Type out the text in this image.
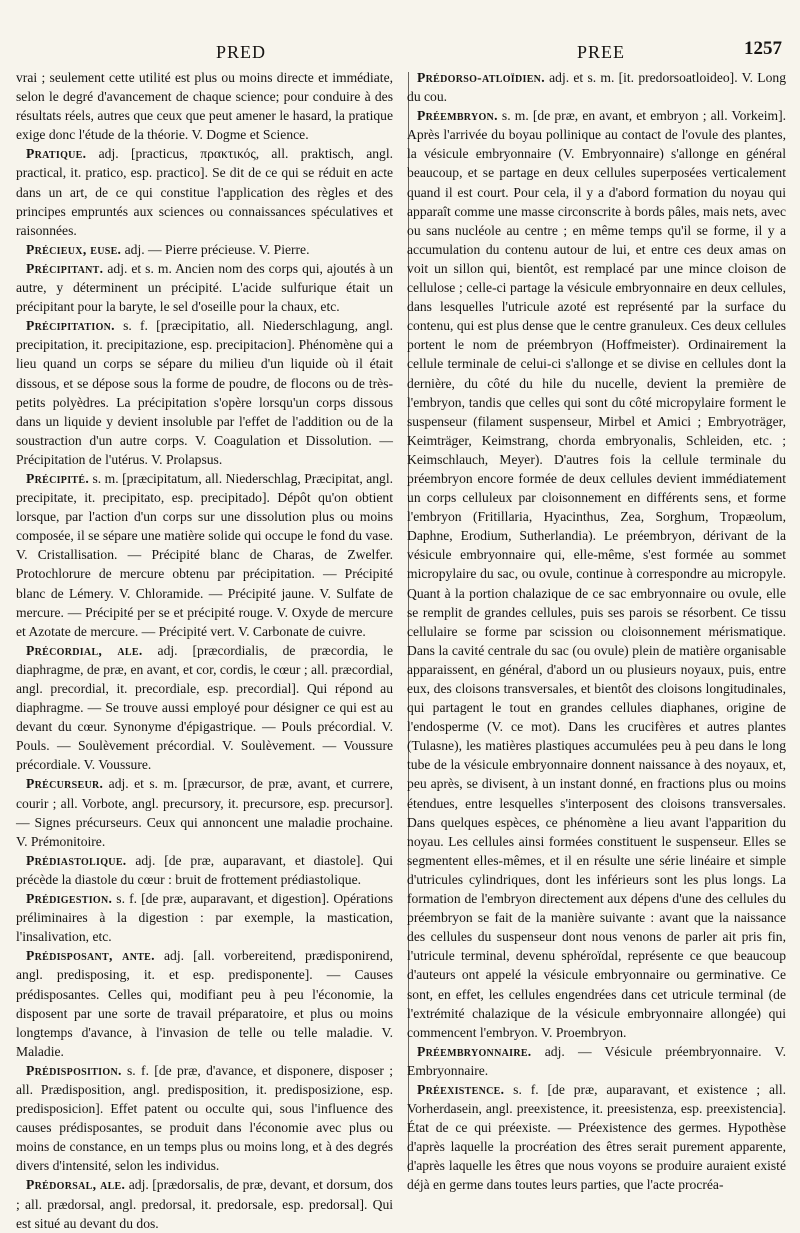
PRED	PREE	1257

vrai ; seulement cette utilité est plus ou moins directe et immédiate, selon le degré d'avancement de chaque science; pour conduire à des résultats réels, autres que ceux que peut amener le hasard, la pratique exige donc l'étude de la théorie. V. Dogme et Science.

Pratique. adj. [practicus, πρακτικός, all. praktisch, angl. practical, it. pratico, esp. practico]. Se dit de ce qui se réduit en acte dans un art, de ce qui constitue l'application des règles et des principes empruntés aux sciences ou connaissances spéculatives et raisonnées.

Précieux, euse. adj. — Pierre précieuse. V. Pierre.

Précipitant. adj. et s. m. Ancien nom des corps qui, ajoutés à un autre, y déterminent un précipité. L'acide sulfurique était un précipitant pour la baryte, le sel d'oseille pour la chaux, etc.

Précipitation. s. f. [præcipitatio, all. Niederschlagung, angl. precipitation, it. precipitazione, esp. precipitacion]. Phénomène qui a lieu quand un corps se sépare du milieu d'un liquide où il était dissous, et se dépose sous la forme de poudre, de flocons ou de très-petits polyèdres. La précipitation s'opère lorsqu'un corps dissous dans un liquide y devient insoluble par l'effet de l'addition ou de la soustraction d'un autre corps. V. Coagulation et Dissolution. — Précipitation de l'utérus. V. Prolapsus.

Précipité. s. m. [præcipitatum, all. Niederschlag, Præcipitat, angl. precipitate, it. precipitato, esp. precipitado]. Dépôt qu'on obtient lorsque, par l'action d'un corps sur une dissolution plus ou moins composée, il se sépare une matière solide qui occupe le fond du vase. V. Cristallisation. — Précipité blanc de Charas, de Zwelfer. Protochlorure de mercure obtenu par précipitation. — Précipité blanc de Lémery. V. Chloramide. — Précipité jaune. V. Sulfate de mercure. — Précipité per se et précipité rouge. V. Oxyde de mercure et Azotate de mercure. — Précipité vert. V. Carbonate de cuivre.

Précordial, ale. adj. [præcordialis, de præcordia, le diaphragme, de præ, en avant, et cor, cordis, le cœur ; all. præcordial, angl. precordial, it. precordiale, esp. precordial]. Qui répond au diaphragme. — Se trouve aussi employé pour désigner ce qui est au devant du cœur. Synonyme d'épigastrique. — Pouls précordial. V. Pouls. — Soulèvement précordial. V. Soulèvement. — Voussure précordiale. V. Voussure.

Précurseur. adj. et s. m. [præcursor, de præ, avant, et currere, courir ; all. Vorbote, angl. precursory, it. precursore, esp. precursor]. — Signes précurseurs. Ceux qui annoncent une maladie prochaine. V. Prémonitoire.

Prédiastolique. adj. [de præ, auparavant, et diastole]. Qui précède la diastole du cœur : bruit de frottement prédiastolique.

Prédigestion. s. f. [de præ, auparavant, et digestion]. Opérations préliminaires à la digestion : par exemple, la mastication, l'insalivation, etc.

Prédisposant, ante. adj. [all. vorbereitend, prædisponirend, angl. predisposing, it. et esp. predisponente]. — Causes prédisposantes. Celles qui, modifiant peu à peu l'économie, la disposent par une sorte de travail préparatoire, et plus ou moins longtemps d'avance, à l'invasion de telle ou telle maladie. V. Maladie.

Prédisposition. s. f. [de præ, d'avance, et disponere, disposer ; all. Prædisposition, angl. predisposition, it. predisposizione, esp. predisposicion]. Effet patent ou occulte qui, sous l'influence des causes prédisposantes, se produit dans l'économie avec plus ou moins de constance, en un temps plus ou moins long, et à des degrés divers d'intensité, selon les individus.

Prédorsal, ale. adj. [prædorsalis, de præ, devant, et dorsum, dos ; all. prædorsal, angl. predorsal, it. predorsale, esp. predorsal]. Qui est situé au devant du dos.

Prédorso-atloïdien. adj. et s. m. [it. predorsoatloideo]. V. Long du cou.

Préembryon. s. m. [de præ, en avant, et embryon ; all. Vorkeim]. Après l'arrivée du boyau pollinique au contact de l'ovule des plantes, la vésicule embryonnaire (V. Embryonnaire) s'allonge en général beaucoup, et se partage en deux cellules superposées verticalement quand il est court. Pour cela, il y a d'abord formation du noyau qui apparaît comme une masse circonscrite à bords pâles, mais nets, avec ou sans nucléole au centre ; en même temps qu'il se forme, il y a accumulation du contenu autour de lui, et entre ces deux amas on voit un sillon qui, bientôt, est remplacé par une mince cloison de cellulose ; celle-ci partage la vésicule embryonnaire en deux cellules, dans lesquelles l'utricule azoté est représenté par la surface du contenu, qui est plus dense que le centre granuleux. Ces deux cellules portent le nom de préembryon (Hoffmeister). Ordinairement la cellule terminale de celui-ci s'allonge et se divise en cellules dont la dernière, du côté du hile du nucelle, devient la première de l'embryon, tandis que celles qui sont du côté micropylaire forment le suspenseur (filament suspenseur, Mirbel et Amici ; Embryoträger, Keimträger, Keimstrang, chorda embryonalis, Schleiden, etc. ; Keimschlauch, Meyer). D'autres fois la cellule terminale du préembryon encore formée de deux cellules devient immédiatement un corps celluleux par cloisonnement en différents sens, et forme l'embryon (Fritillaria, Hyacinthus, Zea, Sorghum, Tropæolum, Daphne, Erodium, Sutherlandia). Le préembryon, dérivant de la vésicule embryonnaire qui, elle-même, s'est formée au sommet micropylaire du sac, ou ovule, continue à correspondre au micropyle. Quant à la portion chalazique de ce sac embryonnaire ou ovule, elle se remplit de grandes cellules, puis ses parois se résorbent. Ce tissu cellulaire se forme par scission ou cloisonnement mérismatique. Dans la cavité centrale du sac (ou ovule) plein de matière organisable apparaissent, en général, d'abord un ou plusieurs noyaux, puis, entre eux, des cloisons transversales, et bientôt des cloisons longitudinales, qui partagent le tout en grandes cellules diaphanes, origine de l'endosperme (V. ce mot). Dans les crucifères et autres plantes (Tulasne), les matières plastiques accumulées peu à peu dans le long tube de la vésicule embryonnaire donnent naissance à des noyaux, et, peu après, se divisent, à un instant donné, en fractions plus ou moins étendues, entre lesquelles s'interposent des cloisons transversales. Dans quelques espèces, ce phénomène a lieu avant l'apparition du noyau. Les cellules ainsi formées constituent le suspenseur. Elles se segmentent elles-mêmes, et il en résulte une série linéaire et simple d'utricules cylindriques, dont les inférieurs sont les plus longs. La formation de l'embryon directement aux dépens d'une des cellules du préembryon se fait de la manière suivante : avant que la naissance des cellules du suspenseur dont nous venons de parler ait pris fin, l'utricule terminal, devenu sphéroïdal, représente ce que beaucoup d'auteurs ont appelé la vésicule embryonnaire ou germinative. Ce sont, en effet, les cellules engendrées dans cet utricule terminal (de l'extrémité chalazique de la vésicule embryonnaire allongée) qui commencent l'embryon. V. Proembryon.

Préembryonnaire. adj. — Vésicule préembryonnaire. V. Embryonnaire.

Préexistence. s. f. [de præ, auparavant, et existence ; all. Vorherdasein, angl. preexistence, it. preesistenza, esp. preexistencia]. État de ce qui préexiste. — Préexistence des germes. Hypothèse d'après laquelle la procréation des êtres serait purement apparente, d'après laquelle les êtres que nous voyons se produire auraient existé déjà en germe dans toutes leurs parties, que l'acte procréa-
